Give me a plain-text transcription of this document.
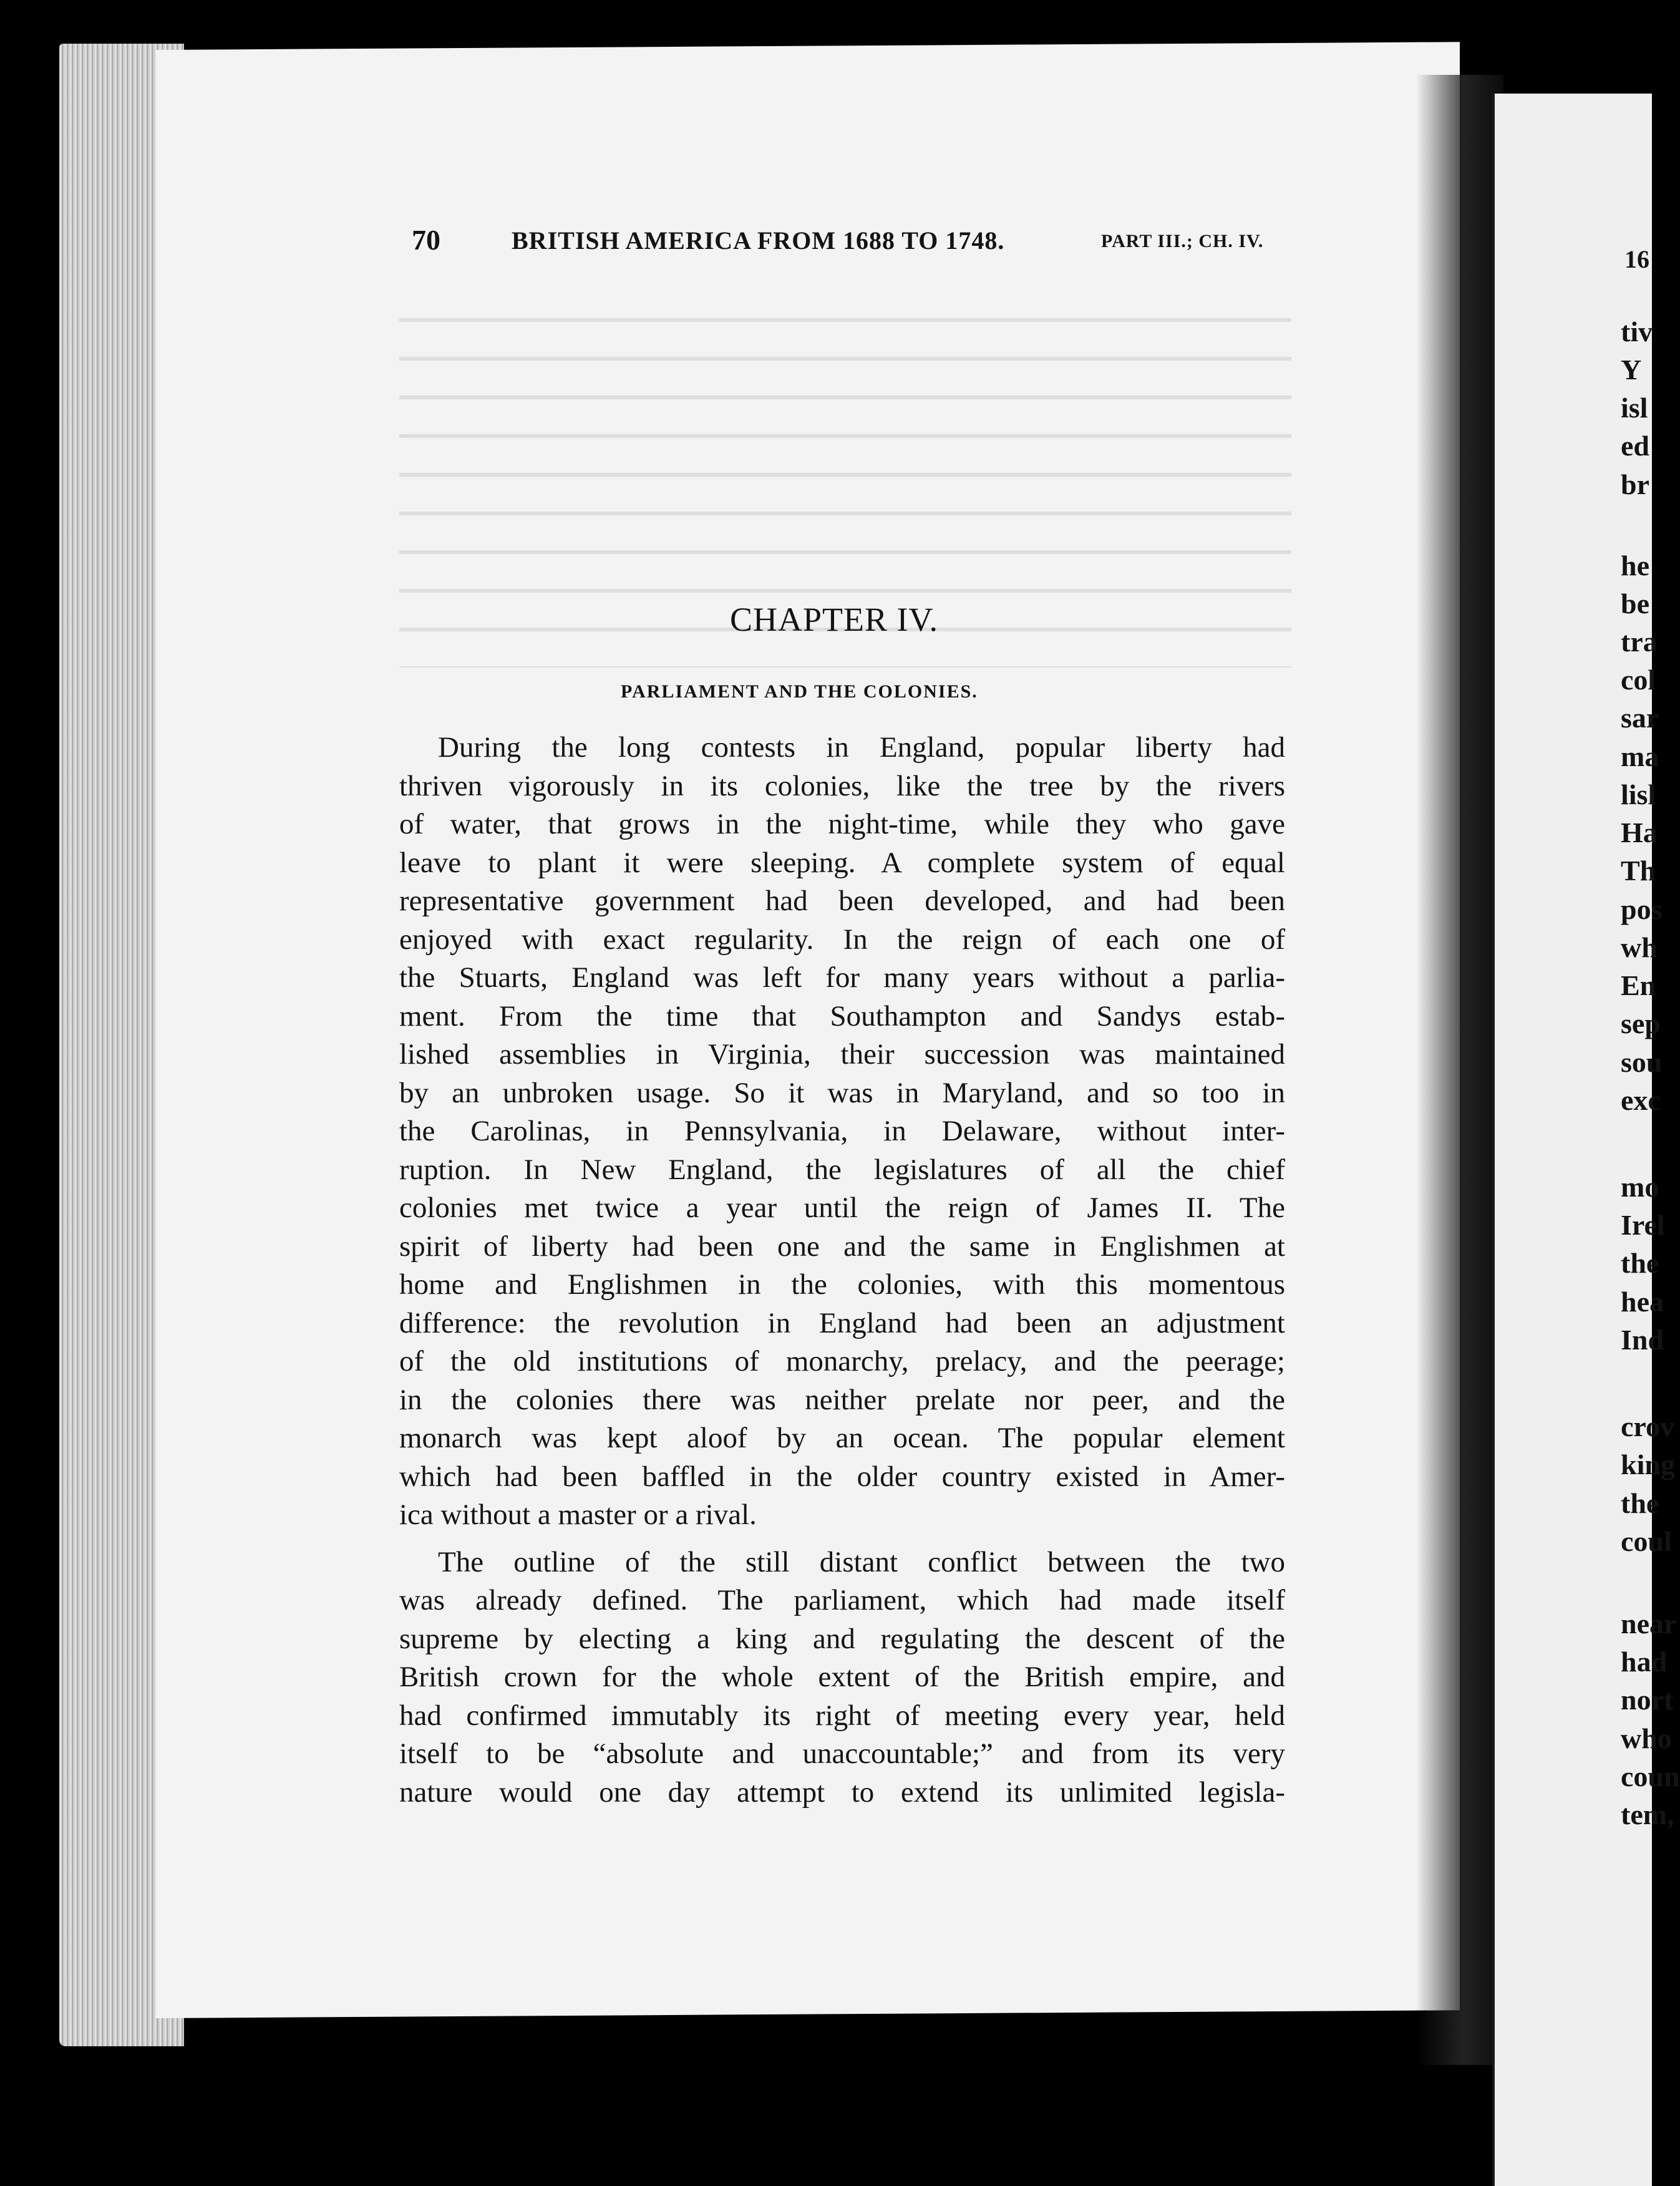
70	BRITISH AMERICA FROM 1688 TO 1748.	PART III.; CH. IV.
CHAPTER IV.
PARLIAMENT AND THE COLONIES.
During the long contests in England, popular liberty had
thriven vigorously in its colonies, like the tree by the rivers
of water, that grows in the night-time, while they who gave
leave to plant it were sleeping. A complete system of equal
representative government had been developed, and had been
enjoyed with exact regularity. In the reign of each one of
the Stuarts, England was left for many years without a parlia-
ment. From the time that Southampton and Sandys estab-
lished assemblies in Virginia, their succession was maintained
by an unbroken usage. So it was in Maryland, and so too in
the Carolinas, in Pennsylvania, in Delaware, without inter-
ruption. In New England, the legislatures of all the chief
colonies met twice a year until the reign of James II. The
spirit of liberty had been one and the same in Englishmen at
home and Englishmen in the colonies, with this momentous
difference: the revolution in England had been an adjustment
of the old institutions of monarchy, prelacy, and the peerage;
in the colonies there was neither prelate nor peer, and the
monarch was kept aloof by an ocean. The popular element
which had been baffled in the older country existed in Amer-
ica without a master or a rival.
The outline of the still distant conflict between the two
was already defined. The parliament, which had made itself
supreme by electing a king and regulating the descent of the
British crown for the whole extent of the British empire, and
had confirmed immutably its right of meeting every year, held
itself to be “absolute and unaccountable;” and from its very
nature would one day attempt to extend its unlimited legisla-
16
tiv
Y
isl
ed
br
he
be
tra
col
sar
ma
lisl
Ha
Th
pos
wh
En
sep
sou
exc
mo
Irel
the
hea
Ind
crov
king
the
coul
near
had
nort
who
coun
tem,
